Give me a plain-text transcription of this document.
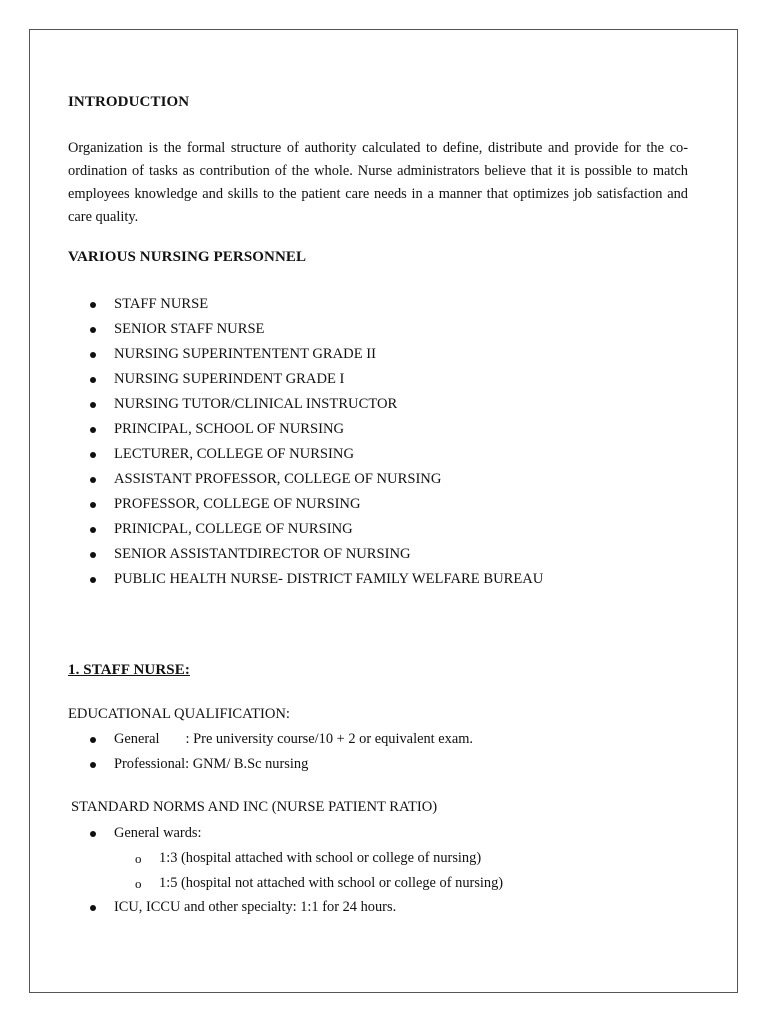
INTRODUCTION

Organization is the formal structure of authority calculated to define, distribute and provide for the co-ordination of tasks as contribution of the whole. Nurse administrators believe that it is possible to match employees knowledge and skills to the patient care needs in a manner that optimizes job satisfaction and care quality.

VARIOUS NURSING PERSONNEL
STAFF NURSE
SENIOR STAFF NURSE
NURSING SUPERINTENTENT GRADE II
NURSING SUPERINDENT GRADE I
NURSING TUTOR/CLINICAL INSTRUCTOR
PRINCIPAL, SCHOOL OF NURSING
LECTURER, COLLEGE OF NURSING
ASSISTANT PROFESSOR, COLLEGE OF NURSING
PROFESSOR, COLLEGE OF NURSING
PRINICPAL, COLLEGE OF NURSING
SENIOR ASSISTANTDIRECTOR OF NURSING
PUBLIC HEALTH NURSE- DISTRICT FAMILY WELFARE BUREAU
1. STAFF NURSE:

EDUCATIONAL QUALIFICATION:

General : Pre university course/10 + 2 or equivalent exam.
Professional: GNM/ B.Sc nursing

STANDARD NORMS AND INC (NURSE PATIENT RATIO)

General wards:
o 1:3 (hospital attached with school or college of nursing)
o 1:5 (hospital not attached with school or college of nursing)
ICU, ICCU and other specialty: 1:1 for 24 hours.
